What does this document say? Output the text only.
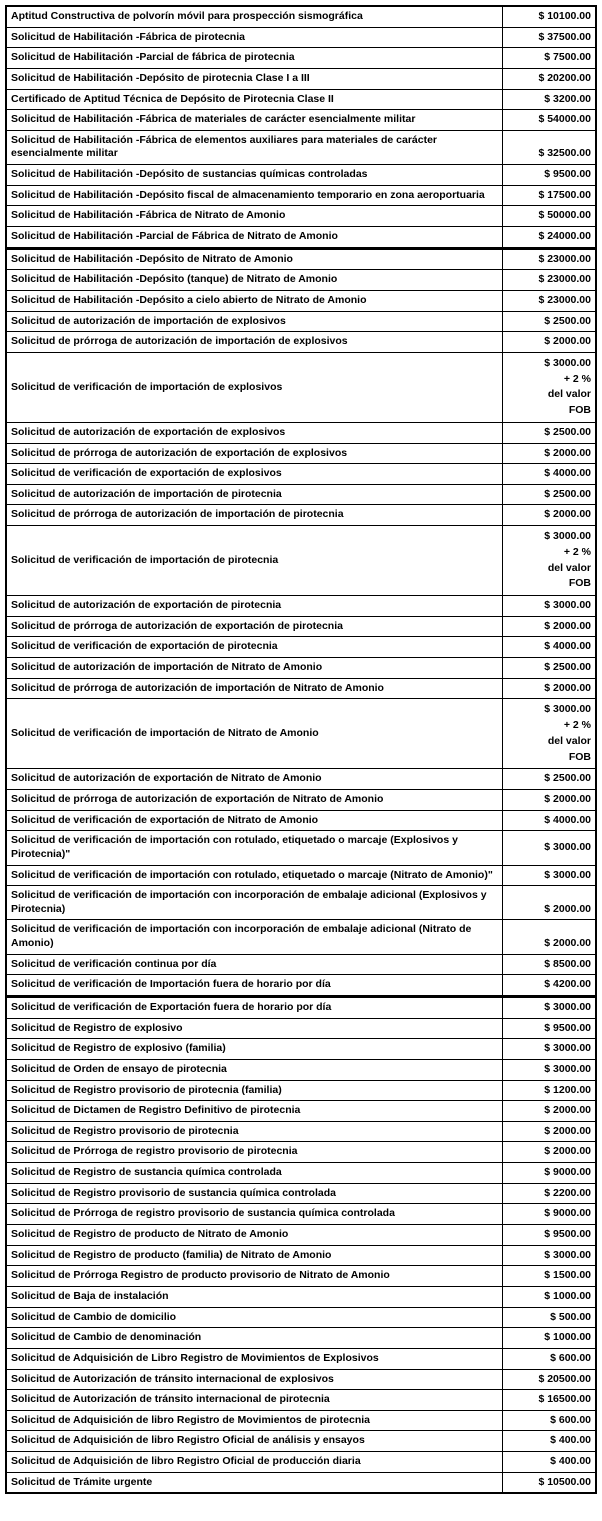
Aptitud Constructiva de polvorín móvil para prospección sismográfica	$ 10100.00
Solicitud de Habilitación -Fábrica de pirotecnia	$ 37500.00
Solicitud de Habilitación -Parcial de fábrica de pirotecnia	$ 7500.00
Solicitud de Habilitación -Depósito de pirotecnia Clase I a III	$ 20200.00
Certificado de Aptitud Técnica de Depósito de Pirotecnia Clase II	$ 3200.00
Solicitud de Habilitación -Fábrica de materiales de carácter esencialmente militar	$ 54000.00
Solicitud de Habilitación -Fábrica de elementos auxiliares para materiales de carácter esencialmente militar	$ 32500.00
Solicitud de Habilitación -Depósito de sustancias químicas controladas	$ 9500.00
Solicitud de Habilitación -Depósito fiscal de almacenamiento temporario en zona aeroportuaria	$ 17500.00
Solicitud de Habilitación -Fábrica de Nitrato de Amonio	$ 50000.00
Solicitud de Habilitación -Parcial de Fábrica de Nitrato de Amonio	$ 24000.00
Solicitud de Habilitación -Depósito de Nitrato de Amonio	$ 23000.00
Solicitud de Habilitación -Depósito (tanque) de Nitrato de Amonio	$ 23000.00
Solicitud de Habilitación -Depósito a cielo abierto de Nitrato de Amonio	$ 23000.00
Solicitud de autorización de importación de explosivos	$ 2500.00
Solicitud de prórroga de autorización de importación de explosivos	$ 2000.00
Solicitud de verificación de importación de explosivos	$ 3000.00
+ 2 %
del valor
FOB

Solicitud de autorización de exportación de explosivos	$ 2500.00
Solicitud de prórroga de autorización de exportación de explosivos	$ 2000.00
Solicitud de verificación de exportación de explosivos	$ 4000.00
Solicitud de autorización de importación de pirotecnia	$ 2500.00
Solicitud de prórroga de autorización de importación de pirotecnia	$ 2000.00
Solicitud de verificación de importación de pirotecnia	$ 3000.00
+ 2 %
del valor
FOB

Solicitud de autorización de exportación de pirotecnia	$ 3000.00
Solicitud de prórroga de autorización de exportación de pirotecnia	$ 2000.00
Solicitud de verificación de exportación de pirotecnia	$ 4000.00
Solicitud de autorización de importación de Nitrato de Amonio	$ 2500.00
Solicitud de prórroga de autorización de importación de Nitrato de Amonio	$ 2000.00
Solicitud de verificación de importación de Nitrato de Amonio	$ 3000.00
+ 2 %
del valor
FOB

Solicitud de autorización de exportación de Nitrato de Amonio	$ 2500.00
Solicitud de prórroga de autorización de exportación de Nitrato de Amonio	$ 2000.00
Solicitud de verificación de exportación de Nitrato de Amonio	$ 4000.00
Solicitud de verificación de importación con rotulado, etiquetado o marcaje (Explosivos y Pirotecnia)"	$ 3000.00
Solicitud de verificación de importación con rotulado, etiquetado o marcaje (Nitrato de Amonio)"	$ 3000.00
Solicitud de verificación de importación con incorporación de embalaje adicional (Explosivos y Pirotecnia)	$ 2000.00
Solicitud de verificación de importación con incorporación de embalaje adicional (Nitrato de Amonio)	$ 2000.00
Solicitud de verificación continua por día	$ 8500.00
Solicitud de verificación de Importación fuera de horario por día	$ 4200.00
Solicitud de verificación de Exportación fuera de horario por día	$ 3000.00
Solicitud de Registro de explosivo	$ 9500.00
Solicitud de Registro de explosivo (familia)	$ 3000.00
Solicitud de Orden de ensayo de pirotecnia	$ 3000.00
Solicitud de Registro provisorio de pirotecnia (familia)	$ 1200.00
Solicitud de Dictamen de Registro Definitivo de pirotecnia	$ 2000.00
Solicitud de Registro provisorio de pirotecnia	$ 2000.00
Solicitud de Prórroga de registro provisorio de pirotecnia	$ 2000.00
Solicitud de Registro de sustancia química controlada	$ 9000.00
Solicitud de Registro provisorio de sustancia química controlada	$ 2200.00
Solicitud de Prórroga de registro provisorio de sustancia química controlada	$ 9000.00
Solicitud de Registro de producto de Nitrato de Amonio	$ 9500.00
Solicitud de Registro de producto (familia) de Nitrato de Amonio	$ 3000.00
Solicitud de Prórroga Registro de producto provisorio de Nitrato de Amonio	$ 1500.00
Solicitud de Baja de instalación	$ 1000.00
Solicitud de Cambio de domicilio	$ 500.00
Solicitud de Cambio de denominación	$ 1000.00
Solicitud de Adquisición de Libro Registro de Movimientos de Explosivos	$ 600.00
Solicitud de Autorización de tránsito internacional de explosivos	$ 20500.00
Solicitud de Autorización de tránsito internacional de pirotecnia	$ 16500.00
Solicitud de Adquisición de libro Registro de Movimientos de pirotecnia	$ 600.00
Solicitud de Adquisición de libro Registro Oficial de análisis y ensayos	$ 400.00
Solicitud de Adquisición de libro Registro Oficial de producción diaria	$ 400.00
Solicitud de Trámite urgente	$ 10500.00
